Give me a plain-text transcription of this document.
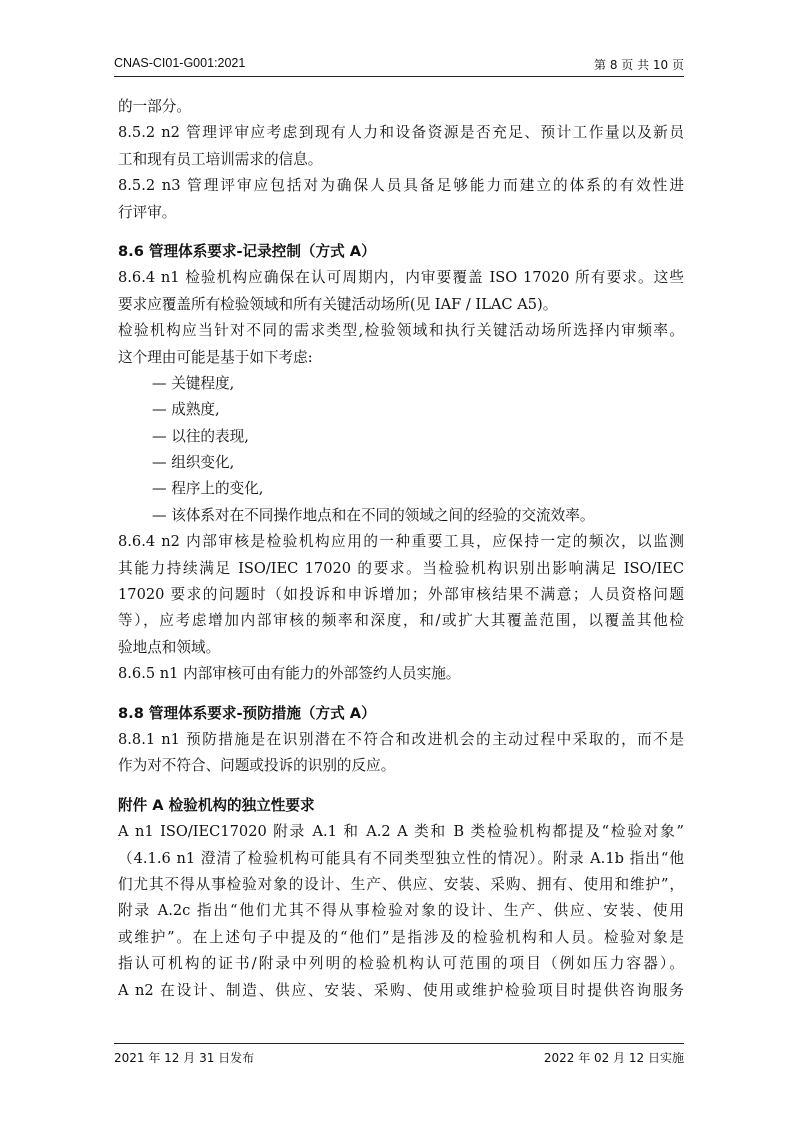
CNAS-CI01-G001:2021	第 8 页 共 10 页
的一部分。
8.5.2 n2 管理评审应考虑到现有人力和设备资源是否充足、预计工作量以及新员
工和现有员工培训需求的信息。
8.5.2 n3 管理评审应包括对为确保人员具备足够能力而建立的体系的有效性进
行评审。
8.6 管理体系要求-记录控制（方式 A）
8.6.4 n1 检验机构应确保在认可周期内，内审要覆盖 ISO 17020 所有要求。这些
要求应覆盖所有检验领域和所有关键活动场所(见 IAF / ILAC A5)。
检验机构应当针对不同的需求类型,检验领域和执行关键活动场所选择内审频率。
这个理由可能是基于如下考虑:
— 关键程度,
— 成熟度,
— 以往的表现,
— 组织变化,
— 程序上的变化,
— 该体系对在不同操作地点和在不同的领域之间的经验的交流效率。
8.6.4 n2 内部审核是检验机构应用的一种重要工具，应保持一定的频次，以监测
其能力持续满足 ISO/IEC 17020 的要求。当检验机构识别出影响满足 ISO/IEC
17020 要求的问题时（如投诉和申诉增加；外部审核结果不满意；人员资格问题
等），应考虑增加内部审核的频率和深度，和/或扩大其覆盖范围，以覆盖其他检
验地点和领域。
8.6.5 n1 内部审核可由有能力的外部签约人员实施。
8.8 管理体系要求-预防措施（方式 A）
8.8.1 n1 预防措施是在识别潜在不符合和改进机会的主动过程中采取的，而不是
作为对不符合、问题或投诉的识别的反应。
附件 A 检验机构的独立性要求
A n1 ISO/IEC17020 附录 A.1 和 A.2 A 类和 B 类检验机构都提及“检验对象”
（4.1.6 n1 澄清了检验机构可能具有不同类型独立性的情况）。附录 A.1b 指出“他
们尤其不得从事检验对象的设计、生产、供应、安装、采购、拥有、使用和维护”，
附录 A.2c 指出“他们尤其不得从事检验对象的设计、生产、供应、安装、使用
或维护”。在上述句子中提及的“他们”是指涉及的检验机构和人员。检验对象是
指认可机构的证书/附录中列明的检验机构认可范围的项目（例如压力容器）。
A n2 在设计、制造、供应、安装、采购、使用或维护检验项目时提供咨询服务
2021 年 12 月 31 日发布	2022 年 02 月 12 日实施
